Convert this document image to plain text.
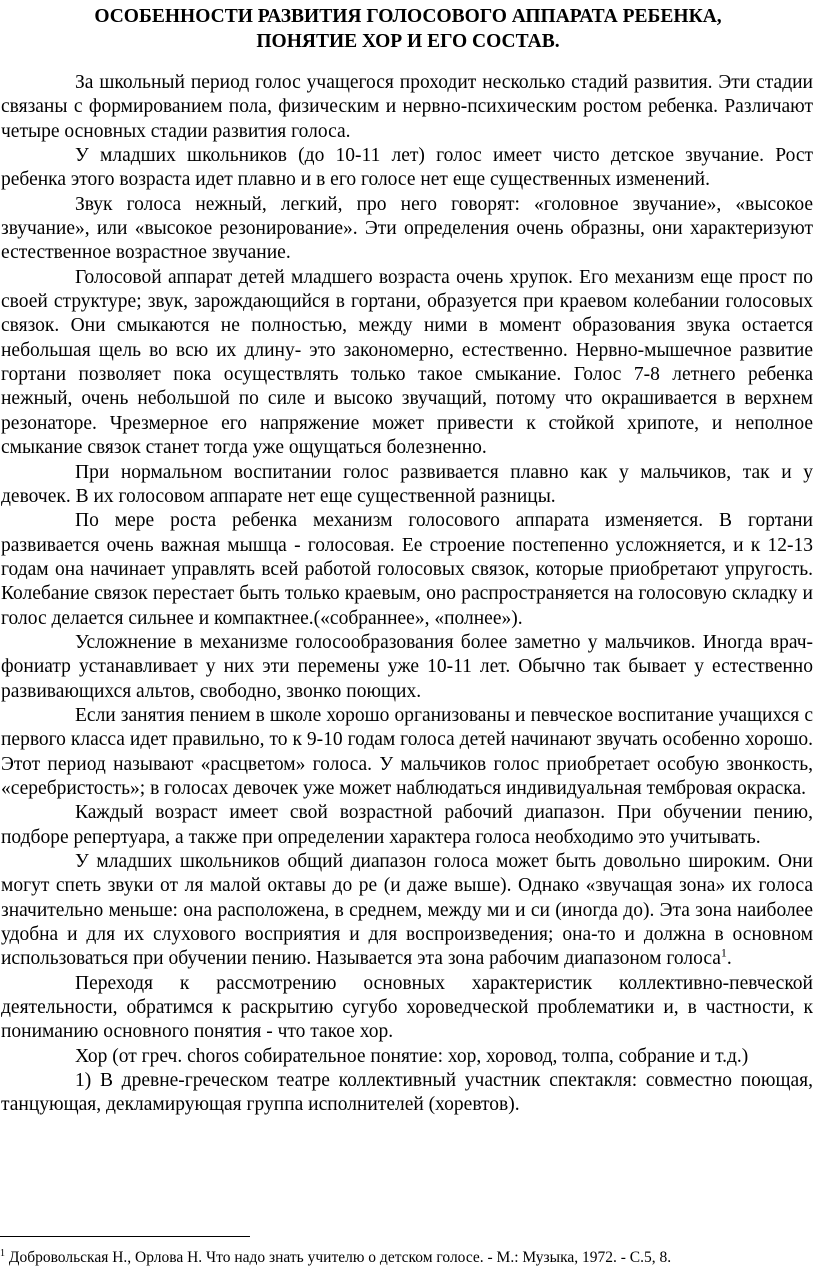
ОСОБЕННОСТИ РАЗВИТИЯ ГОЛОСОВОГО АППАРАТА РЕБЕНКА,
ПОНЯТИЕ ХОР И ЕГО СОСТАВ.

За школьный период голос учащегося проходит несколько стадий развития. Эти стадии связаны с формированием пола, физическим и нервно-психическим ростом ребенка. Различают четыре основных стадии развития голоса.

У младших школьников (до 10-11 лет) голос имеет чисто детское звучание. Рост ребенка этого возраста идет плавно и в его голосе нет еще существенных изменений.

Звук голоса нежный, легкий, про него говорят: «головное звучание», «высокое звучание», или «высокое резонирование». Эти определения очень образны, они характеризуют естественное возрастное звучание.

Голосовой аппарат детей младшего возраста очень хрупок. Его механизм еще прост по своей структуре; звук, зарождающийся в гортани, образуется при краевом колебании голосовых связок. Они смыкаются не полностью, между ними в момент образования звука остается небольшая щель во всю их длину- это закономерно, естественно. Нервно-мышечное развитие гортани позволяет пока осуществлять только такое смыкание. Голос 7-8 летнего ребенка нежный, очень небольшой по силе и высоко звучащий, потому что окрашивается в верхнем резонаторе. Чрезмерное его напряжение может привести к стойкой хрипоте, и неполное смыкание связок станет тогда уже ощущаться болезненно.

При нормальном воспитании голос развивается плавно как у мальчиков, так и у девочек. В их голосовом аппарате нет еще существенной разницы.

По мере роста ребенка механизм голосового аппарата изменяется. В гортани развивается очень важная мышца - голосовая. Ее строение постепенно усложняется, и к 12-13 годам она начинает управлять всей работой голосовых связок, которые приобретают упругость. Колебание связок перестает быть только краевым, оно распространяется на голосовую складку и голос делается сильнее и компактнее.(«собраннее», «полнее»).

Усложнение в механизме голосообразования более заметно у мальчиков. Иногда врач-фониатр устанавливает у них эти перемены уже 10-11 лет. Обычно так бывает у естественно развивающихся альтов, свободно, звонко поющих.

Если занятия пением в школе хорошо организованы и певческое воспитание учащихся с первого класса идет правильно, то к 9-10 годам голоса детей начинают звучать особенно хорошо. Этот период называют «расцветом» голоса. У мальчиков голос приобретает особую звонкость, «серебристость»; в голосах девочек уже может наблюдаться индивидуальная тембровая окраска.

Каждый возраст имеет свой возрастной рабочий диапазон. При обучении пению, подборе репертуара, а также при определении характера голоса необходимо это учитывать.

У младших школьников общий диапазон голоса может быть довольно широким. Они могут спеть звуки от ля малой октавы до ре (и даже выше). Однако «звучащая зона» их голоса значительно меньше: она расположена, в среднем, между ми и си (иногда до). Эта зона наиболее удобна и для их слухового восприятия и для воспроизведения; она-то и должна в основном использоваться при обучении пению. Называется эта зона рабочим диапазоном голоса$^1$.

Переходя к рассмотрению основных характеристик коллективно-певческой деятельности, обратимся к раскрытию сугубо хороведческой проблематики и, в частности, к пониманию основного понятия - что такое хор.

Хор (от греч. choros собирательное понятие: хор, хоровод, толпа, собрание и т.д.)

1) В древне-греческом театре коллективный участник спектакля: совместно поющая, танцующая, декламирующая группа исполнителей (хоревтов).

$^1$ Добровольская Н., Орлова Н. Что надо знать учителю о детском голосе. - М.: Музыка, 1972. - С.5, 8.
